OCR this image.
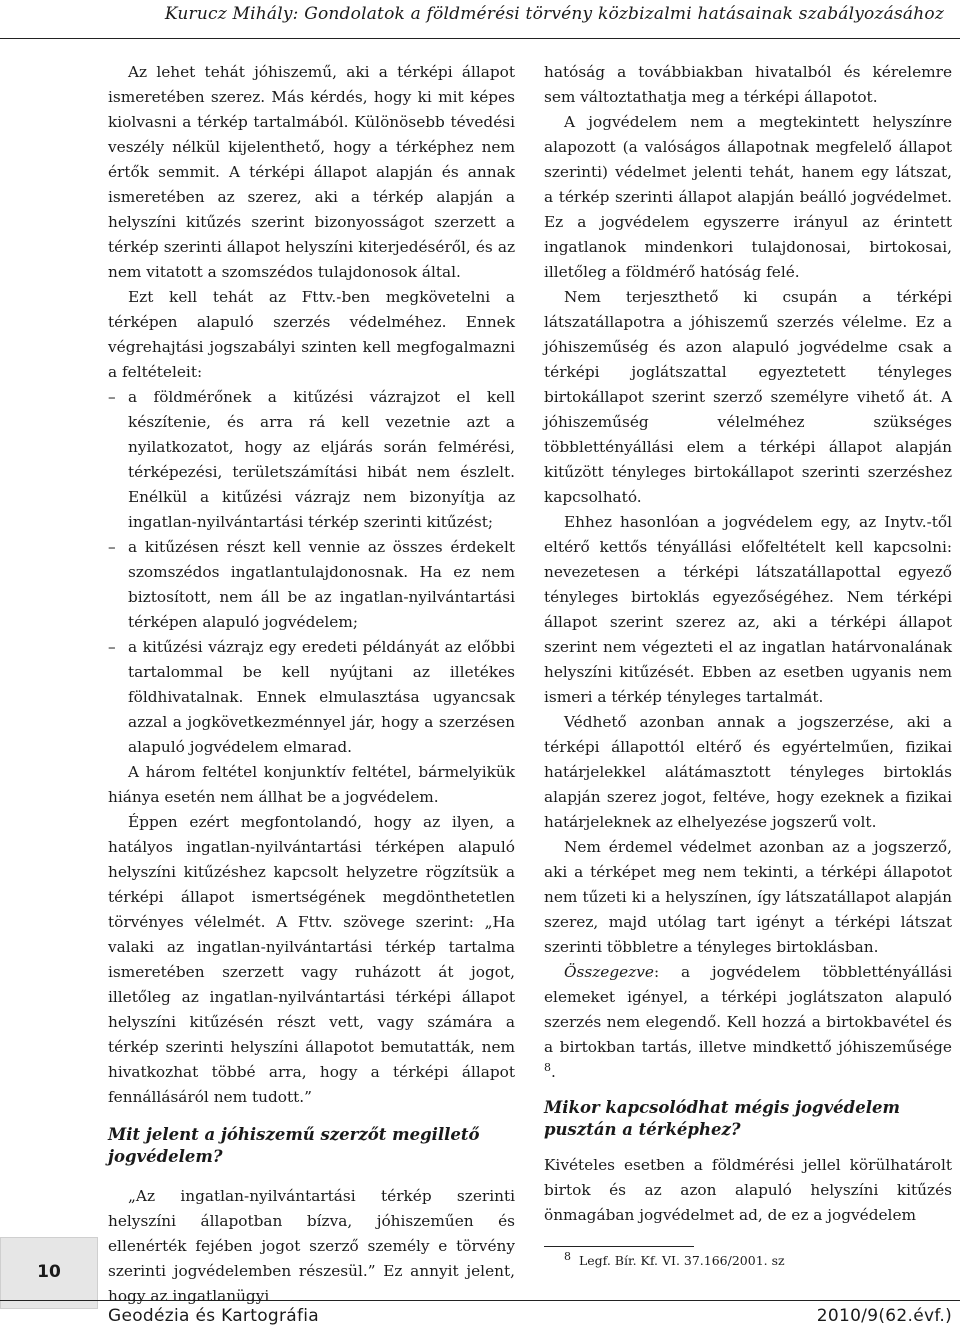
Kurucz Mihály: Gondolatok a földmérési törvény közbizalmi hatásainak szabályozásához

Az lehet tehát jóhiszemű, aki a térképi állapot ismeretében szerez. Más kérdés, hogy ki mit képes kiolvasni a térkép tartalmából. Különösebb tévedési veszély nélkül kijelenthető, hogy a térképhez nem értők semmit. A térképi állapot alapján és annak ismeretében az szerez, aki a térkép alapján a helyszíni kitűzés szerint bizonyosságot szerzett a térkép szerinti állapot helyszíni kiterjedéséről, és az nem vitatott a szomszédos tulajdonosok által.

Ezt kell tehát az Fttv.-ben megkövetelni a térképen alapuló szerzés védelméhez. Ennek végrehajtási jogszabályi szinten kell megfogalmazni a feltételeit:

– a földmérőnek a kitűzési vázrajzot el kell készítenie, és arra rá kell vezetnie azt a nyilatkozatot, hogy az eljárás során felmérési, térképezési, területszámítási hibát nem észlelt. Enélkül a kitűzési vázrajz nem bizonyítja az ingatlan-nyilvántartási térkép szerinti kitűzést;

– a kitűzésen részt kell vennie az összes érdekelt szomszédos ingatlantulajdonosnak. Ha ez nem biztosított, nem áll be az ingatlan-nyilvántartási térképen alapuló jogvédelem;

– a kitűzési vázrajz egy eredeti példányát az előbbi tartalommal be kell nyújtani az illetékes földhivatalnak. Ennek elmulasztása ugyancsak azzal a jogkövetkezménnyel jár, hogy a szerzésen alapuló jogvédelem elmarad.

A három feltétel konjunktív feltétel, bármelyikük hiánya esetén nem állhat be a jogvédelem.

Éppen ezért megfontolandó, hogy az ilyen, a hatályos ingatlan-nyilvántartási térképen alapuló helyszíni kitűzéshez kapcsolt helyzetre rögzítsük a térképi állapot ismertségének megdönthetetlen törvényes vélelmét. A Fttv. szövege szerint: „Ha valaki az ingatlan-nyilvántartási térkép tartalma ismeretében szerzett vagy ruházott át jogot, illetőleg az ingatlan-nyilvántartási térképi állapot helyszíni kitűzésén részt vett, vagy számára a térkép szerinti helyszíni állapotot bemutatták, nem hivatkozhat többé arra, hogy a térképi állapot fennállásáról nem tudott.”

Mit jelent a jóhiszemű szerzőt megillető jogvédelem?

„Az ingatlan-nyilvántartási térkép szerinti helyszíni állapotban bízva, jóhiszeműen és ellenérték fejében jogot szerző személy e törvény szerinti jogvédelemben részesül.” Ez annyit jelent, hogy az ingatlanügyi

hatóság a továbbiakban hivatalból és kérelemre sem változtathatja meg a térképi állapotot.

A jogvédelem nem a megtekintett helyszínre alapozott (a valóságos állapotnak megfelelő állapot szerinti) védelmet jelenti tehát, hanem egy látszat, a térkép szerinti állapot alapján beálló jogvédelmet. Ez a jogvédelem egyszerre irányul az érintett ingatlanok mindenkori tulajdonosai, birtokosai, illetőleg a földmérő hatóság felé.

Nem terjeszthető ki csupán a térképi látszatállapotra a jóhiszemű szerzés vélelme. Ez a jóhiszeműség és azon alapuló jogvédelme csak a térképi joglátszattal egyeztetett tényleges birtokállapot szerint szerző személyre vihető át. A jóhiszeműség vélelméhez szükséges többlettényállási elem a térképi állapot alapján kitűzött tényleges birtokállapot szerinti szerzéshez kapcsolható.

Ehhez hasonlóan a jogvédelem egy, az Inytv.-től eltérő kettős tényállási előfeltételt kell kapcsolni: nevezetesen a térképi látszatállapottal egyező tényleges birtoklás egyezőségéhez. Nem térképi állapot szerint szerez az, aki a térképi állapot szerint nem végezteti el az ingatlan határvonalának helyszíni kitűzését. Ebben az esetben ugyanis nem ismeri a térkép tényleges tartalmát.

Védhető azonban annak a jogszerzése, aki a térképi állapottól eltérő és egyértelműen, fizikai határjelekkel alátámasztott tényleges birtoklás alapján szerez jogot, feltéve, hogy ezeknek a fizikai határjeleknek az elhelyezése jogszerű volt.

Nem érdemel védelmet azonban az a jogszerző, aki a térképet meg nem tekinti, a térképi állapotot nem tűzeti ki a helyszínen, így látszatállapot alapján szerez, majd utólag tart igényt a térképi látszat szerinti többletre a tényleges birtoklásban.

Összegezve: a jogvédelem többlettényállási elemeket igényel, a térképi joglátszaton alapuló szerzés nem elegendő. Kell hozzá a birtokbavétel és a birtokban tartás, illetve mindkettő jóhiszeműsége $^8$.

Mikor kapcsolódhat mégis jogvédelem pusztán a térképhez?

Kivételes esetben a földmérési jellel körülhatárolt birtok és az azon alapuló helyszíni kitűzés önmagában jogvédelmet ad, de ez a jogvédelem

$^8$ Legf. Bír. Kf. VI. 37.166/2001. sz

10
Geodézia és Kartográfia	2010/9(62.évf.)
